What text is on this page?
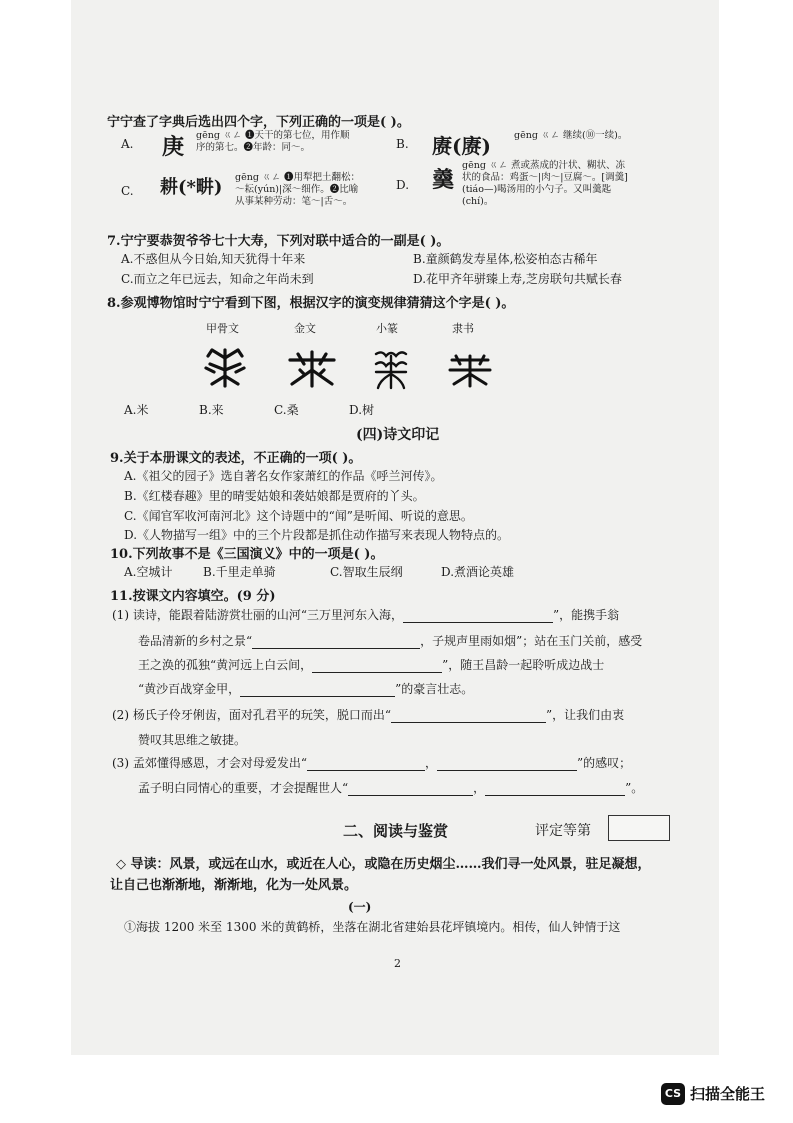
宁宁查了字典后选出四个字，下列正确的一项是( )。
A. 庚 gēng ㄍㄥ ❶天干的第七位，用作顺序的第七。❷年龄：同～。	B. 赓(赓) gēng ㄍㄥ 继续(⑩一续)。
C. 耕(*畊) gēng ㄍㄥ ❶用犁把土翻松：～耘(yún)|深～细作。❷比喻从事某种劳动：笔～|舌～。
D. 羹
gēng ㄍㄥ 煮或蒸成的汁状、糊状、冻状的食品：鸡蛋～|肉～|豆腐～。[调羹](tiáo—)喝汤用的小勺子。又叫羹匙(chí)。
7.宁宁要恭贺爷爷七十大寿，下列对联中适合的一副是( )。
A.不惑但从今日始,知天犹得十年来	B.童颜鹤发寿星体,松姿柏态古稀年
C.而立之年已远去，知命之年尚未到	D.花甲齐年骈臻上寿,芝房联句共赋长春
8.参观博物馆时宁宁看到下图，根据汉字的演变规律猜猜这个字是( )。
甲骨文	金文	小篆	隶书
A.米	B.来	C.桑	D.树
(四)诗文印记
9.关于本册课文的表述，不正确的一项( )。
A.《祖父的园子》选自著名女作家萧红的作品《呼兰河传》。
B.《红楼春趣》里的晴雯姑娘和袭姑娘都是贾府的丫头。
C.《闻官军收河南河北》这个诗题中的“闻”是听闻、听说的意思。
D.《人物描写一组》中的三个片段都是抓住动作描写来表现人物特点的。
10.下列故事不是《三国演义》中的一项是( )。
A.空城计	B.千里走单骑	C.智取生辰纲	D.煮酒论英雄
11.按课文内容填空。(9 分)
(1) 读诗，能跟着陆游赏壮丽的山河“三万里河东入海，	”，能携手翁
卷品清新的乡村之景“	，子规声里雨如烟”；站在玉门关前，感受
王之涣的孤独“黄河远上白云间，	”，随王昌龄一起聆听成边战士
“黄沙百战穿金甲，	”的豪言壮志。
(2) 杨氏子伶牙俐齿，面对孔君平的玩笑，脱口而出“	”，让我们由衷
赞叹其思维之敏捷。
(3) 孟郊懂得感恩，才会对母爱发出“	，	”的感叹；
孟子明白同情心的重要，才会提醒世人“	，	”。
二、阅读与鉴赏	评定等第
◇ 导读：风景，或远在山水，或近在人心，或隐在历史烟尘……我们寻一处风景，驻足凝想，
让自己也渐渐地，渐渐地，化为一处风景。
(一)
①海拔 1200 米至 1300 米的黄鹤桥，坐落在湖北省建始县花坪镇境内。相传，仙人钟情于这
2
CS 扫描全能王
